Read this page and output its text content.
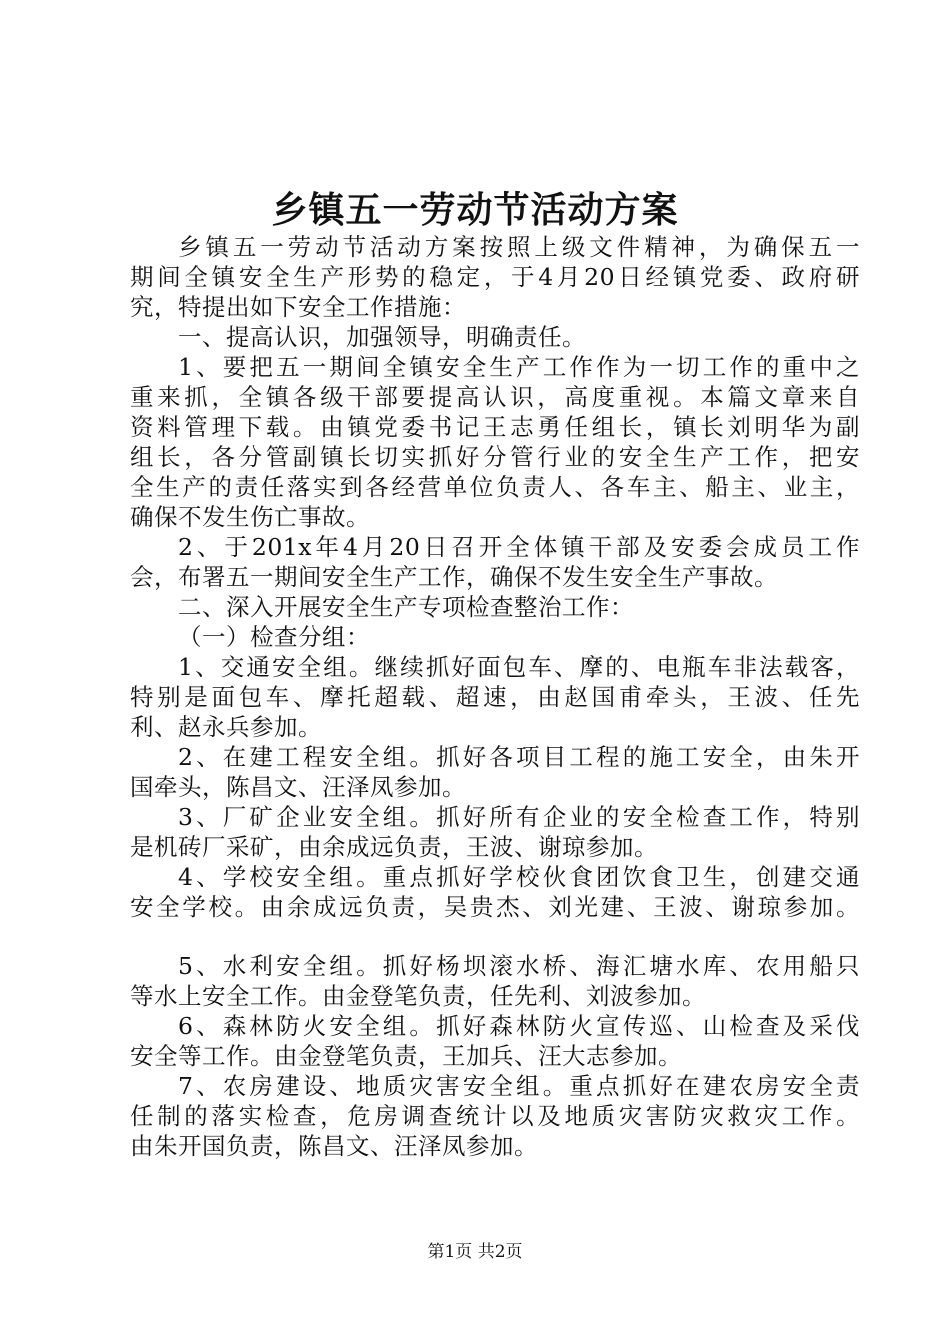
乡镇五一劳动节活动方案
乡镇五一劳动节活动方案按照上级文件精神，为确保五一
期间全镇安全生产形势的稳定，于4月20日经镇党委、政府研
究，特提出如下安全工作措施：
一、提高认识，加强领导，明确责任。
1、要把五一期间全镇安全生产工作作为一切工作的重中之
重来抓，全镇各级干部要提高认识，高度重视。本篇文章来自
资料管理下载。由镇党委书记王志勇任组长，镇长刘明华为副
组长，各分管副镇长切实抓好分管行业的安全生产工作，把安
全生产的责任落实到各经营单位负责人、各车主、船主、业主，
确保不发生伤亡事故。
2、于201x年4月20日召开全体镇干部及安委会成员工作
会，布署五一期间安全生产工作，确保不发生安全生产事故。
二、深入开展安全生产专项检查整治工作：
（一）检查分组：
1、交通安全组。继续抓好面包车、摩的、电瓶车非法载客，
特别是面包车、摩托超载、超速，由赵国甫牵头，王波、任先
利、赵永兵参加。
2、在建工程安全组。抓好各项目工程的施工安全，由朱开
国牵头，陈昌文、汪泽凤参加。
3、厂矿企业安全组。抓好所有企业的安全检查工作，特别
是机砖厂采矿，由余成远负责，王波、谢琼参加。
4、学校安全组。重点抓好学校伙食团饮食卫生，创建交通
安全学校。由余成远负责，吴贵杰、刘光建、王波、谢琼参加。
5、水利安全组。抓好杨坝滚水桥、海汇塘水库、农用船只
等水上安全工作。由金登笔负责，任先利、刘波参加。
6、森林防火安全组。抓好森林防火宣传巡、山检查及采伐
安全等工作。由金登笔负责，王加兵、汪大志参加。
7、农房建设、地质灾害安全组。重点抓好在建农房安全责
任制的落实检查，危房调查统计以及地质灾害防灾救灾工作。
由朱开国负责，陈昌文、汪泽凤参加。
第1页 共2页
